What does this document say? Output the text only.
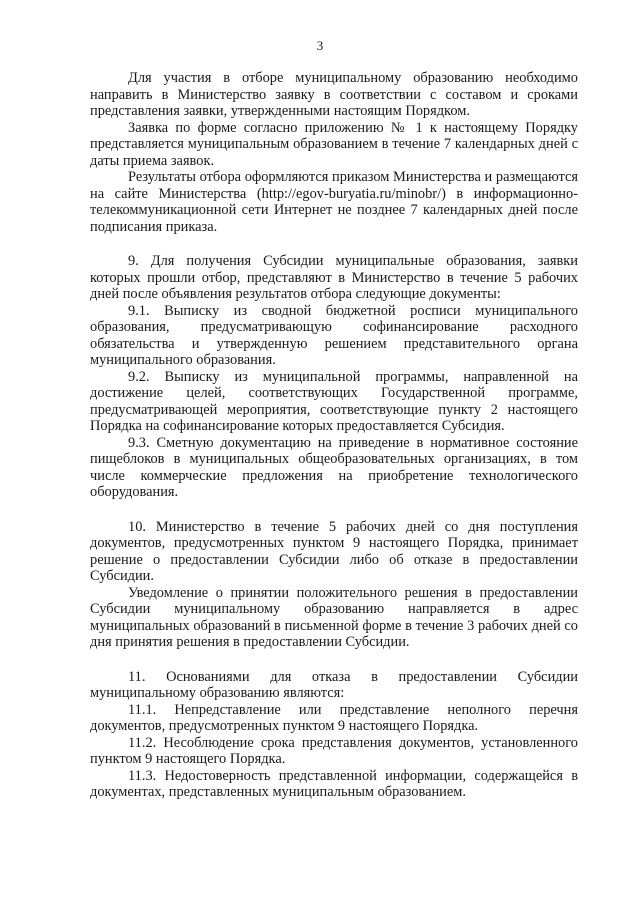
3

Для участия в отборе муниципальному образованию необходимо направить в Министерство заявку в соответствии с составом и сроками представления заявки, утвержденными настоящим Порядком.

Заявка по форме согласно приложению № 1 к настоящему Порядку представляется муниципальным образованием в течение 7 календарных дней с даты приема заявок.

Результаты отбора оформляются приказом Министерства и размещаются на сайте Министерства (http://egov-buryatia.ru/minobr/) в информационно-телекоммуникационной сети Интернет не позднее 7 календарных дней после подписания приказа.

9. Для получения Субсидии муниципальные образования, заявки которых прошли отбор, представляют в Министерство в течение 5 рабочих дней после объявления результатов отбора следующие документы:

9.1. Выписку из сводной бюджетной росписи муниципального образования, предусматривающую софинансирование расходного обязательства и утвержденную решением представительного органа муниципального образования.

9.2. Выписку из муниципальной программы, направленной на достижение целей, соответствующих Государственной программе, предусматривающей мероприятия, соответствующие пункту 2 настоящего Порядка на софинансирование которых предоставляется Субсидия.

9.3. Сметную документацию на приведение в нормативное состояние пищеблоков в муниципальных общеобразовательных организациях, в том числе коммерческие предложения на приобретение технологического оборудования.

10. Министерство в течение 5 рабочих дней со дня поступления документов, предусмотренных пунктом 9 настоящего Порядка, принимает решение о предоставлении Субсидии либо об отказе в предоставлении Субсидии.

Уведомление о принятии положительного решения в предоставлении Субсидии муниципальному образованию направляется в адрес муниципальных образований в письменной форме в течение 3 рабочих дней со дня принятия решения в предоставлении Субсидии.

11. Основаниями для отказа в предоставлении Субсидии муниципальному образованию являются:

11.1. Непредставление или представление неполного перечня документов, предусмотренных пунктом 9 настоящего Порядка.

11.2. Несоблюдение срока представления документов, установленного пунктом 9 настоящего Порядка.

11.3. Недостоверность представленной информации, содержащейся в документах, представленных муниципальным образованием.
